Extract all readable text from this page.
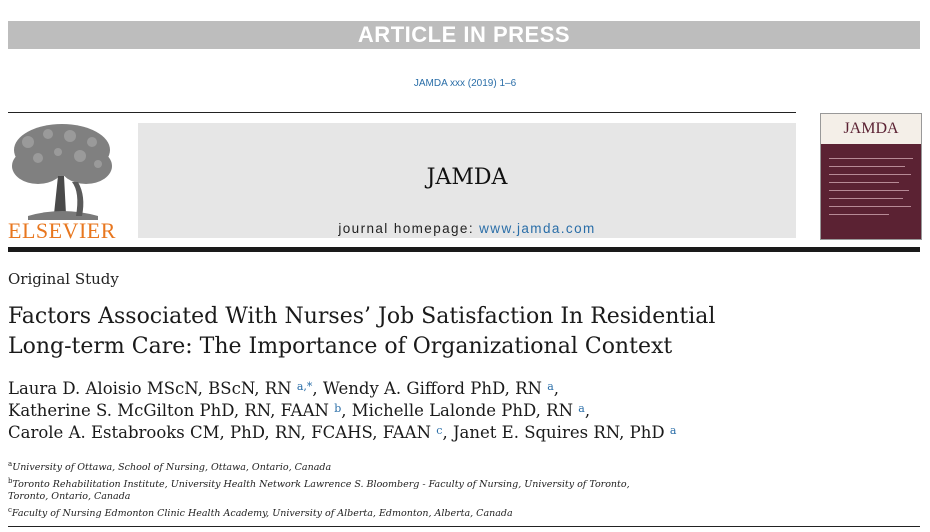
ARTICLE IN PRESS
JAMDA xxx (2019) 1–6
ELSEVIER
JAMDA
journal homepage: www.jamda.com
JAMDA
Original Study
Factors Associated With Nurses’ Job Satisfaction In Residential
Long-term Care: The Importance of Organizational Context
Laura D. Aloisio MScN, BScN, RN $^{a,*}$, Wendy A. Gifford PhD, RN $^a$,
Katherine S. McGilton PhD, RN, FAAN $^b$, Michelle Lalonde PhD, RN $^a$,
Carole A. Estabrooks CM, PhD, RN, FCAHS, FAAN $^c$, Janet E. Squires RN, PhD $^a$
$^a$University of Ottawa, School of Nursing, Ottawa, Ontario, Canada
$^b$Toronto Rehabilitation Institute, University Health Network Lawrence S. Bloomberg - Faculty of Nursing, University of Toronto,
Toronto, Ontario, Canada
$^c$Faculty of Nursing Edmonton Clinic Health Academy, University of Alberta, Edmonton, Alberta, Canada
